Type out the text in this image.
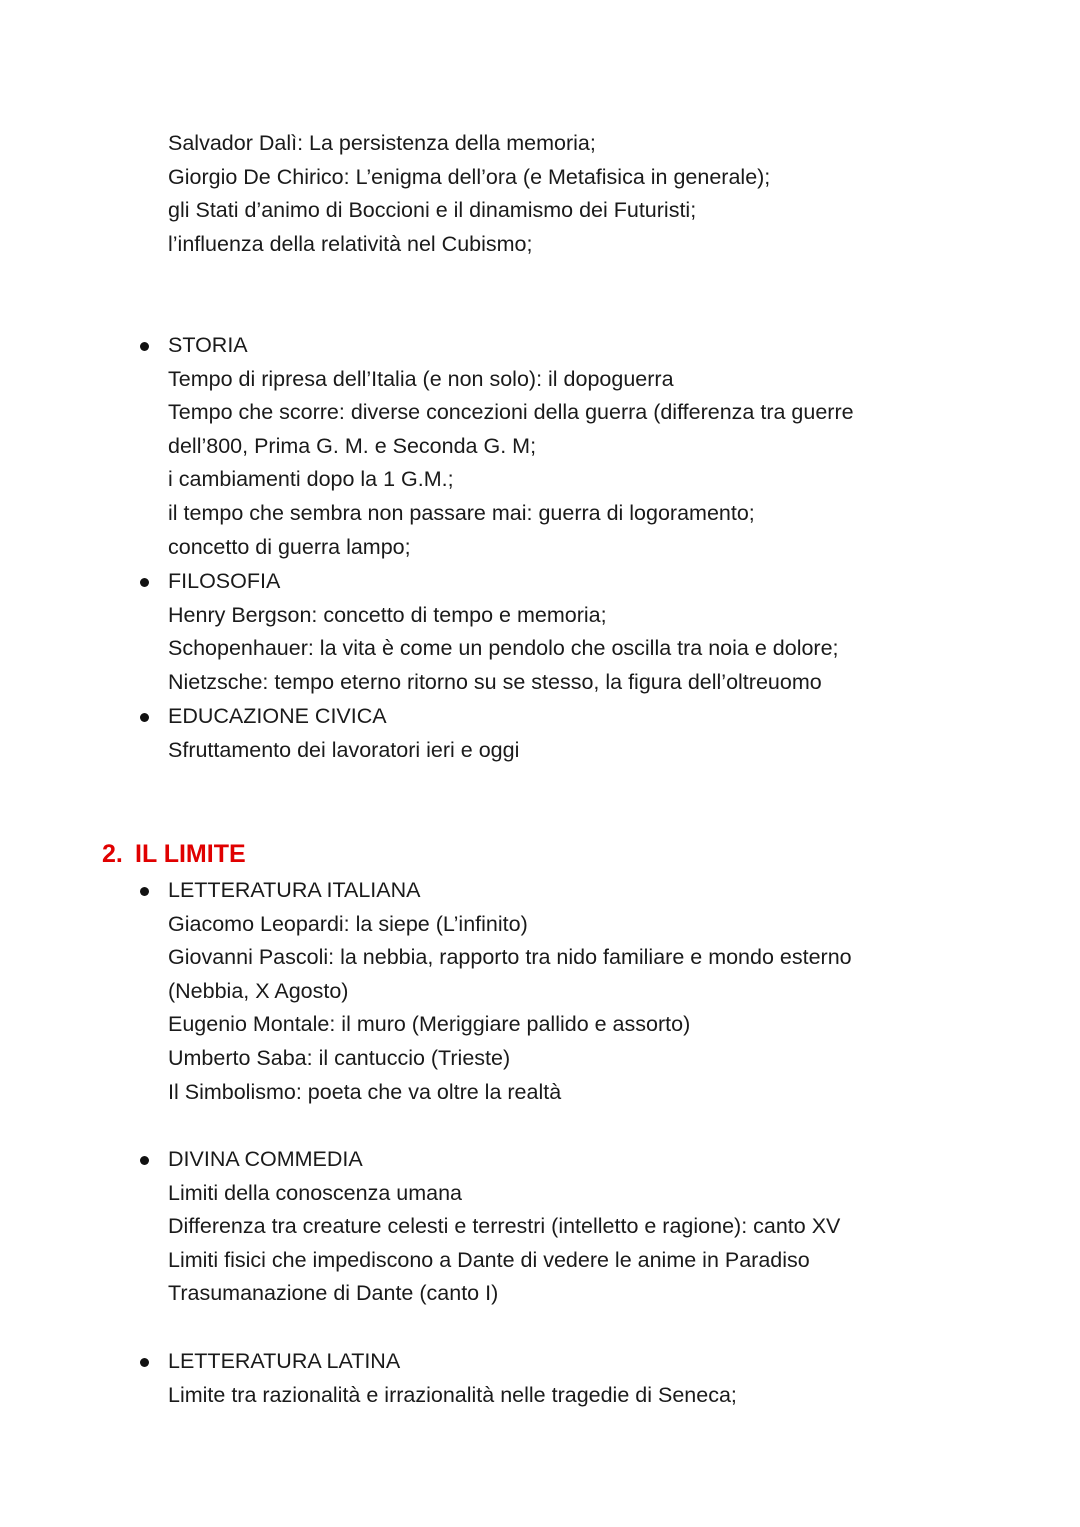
Salvador Dalì: La persistenza della memoria;
Giorgio De Chirico: L’enigma dell’ora (e Metafisica in generale);
gli Stati d’animo di Boccioni e il dinamismo dei Futuristi;
l’influenza della relatività nel Cubismo;
STORIA
Tempo di ripresa dell’Italia (e non solo): il dopoguerra
Tempo che scorre: diverse concezioni della guerra (differenza tra guerre
dell’800, Prima G. M. e Seconda G. M;
i cambiamenti dopo la 1 G.M.;
il tempo che sembra non passare mai: guerra di logoramento;
concetto di guerra lampo;
FILOSOFIA
Henry Bergson: concetto di tempo e memoria;
Schopenhauer: la vita è come un pendolo che oscilla tra noia e dolore;
Nietzsche: tempo eterno ritorno su se stesso, la figura dell’oltreuomo
EDUCAZIONE CIVICA
Sfruttamento dei lavoratori ieri e oggi
2. IL LIMITE
LETTERATURA ITALIANA
Giacomo Leopardi: la siepe (L’infinito)
Giovanni Pascoli: la nebbia, rapporto tra nido familiare e mondo esterno
(Nebbia, X Agosto)
Eugenio Montale: il muro (Meriggiare pallido e assorto)
Umberto Saba: il cantuccio (Trieste)
Il Simbolismo: poeta che va oltre la realtà
DIVINA COMMEDIA
Limiti della conoscenza umana
Differenza tra creature celesti e terrestri (intelletto e ragione): canto XV
Limiti fisici che impediscono a Dante di vedere le anime in Paradiso
Trasumanazione di Dante (canto I)
LETTERATURA LATINA
Limite tra razionalità e irrazionalità nelle tragedie di Seneca;
